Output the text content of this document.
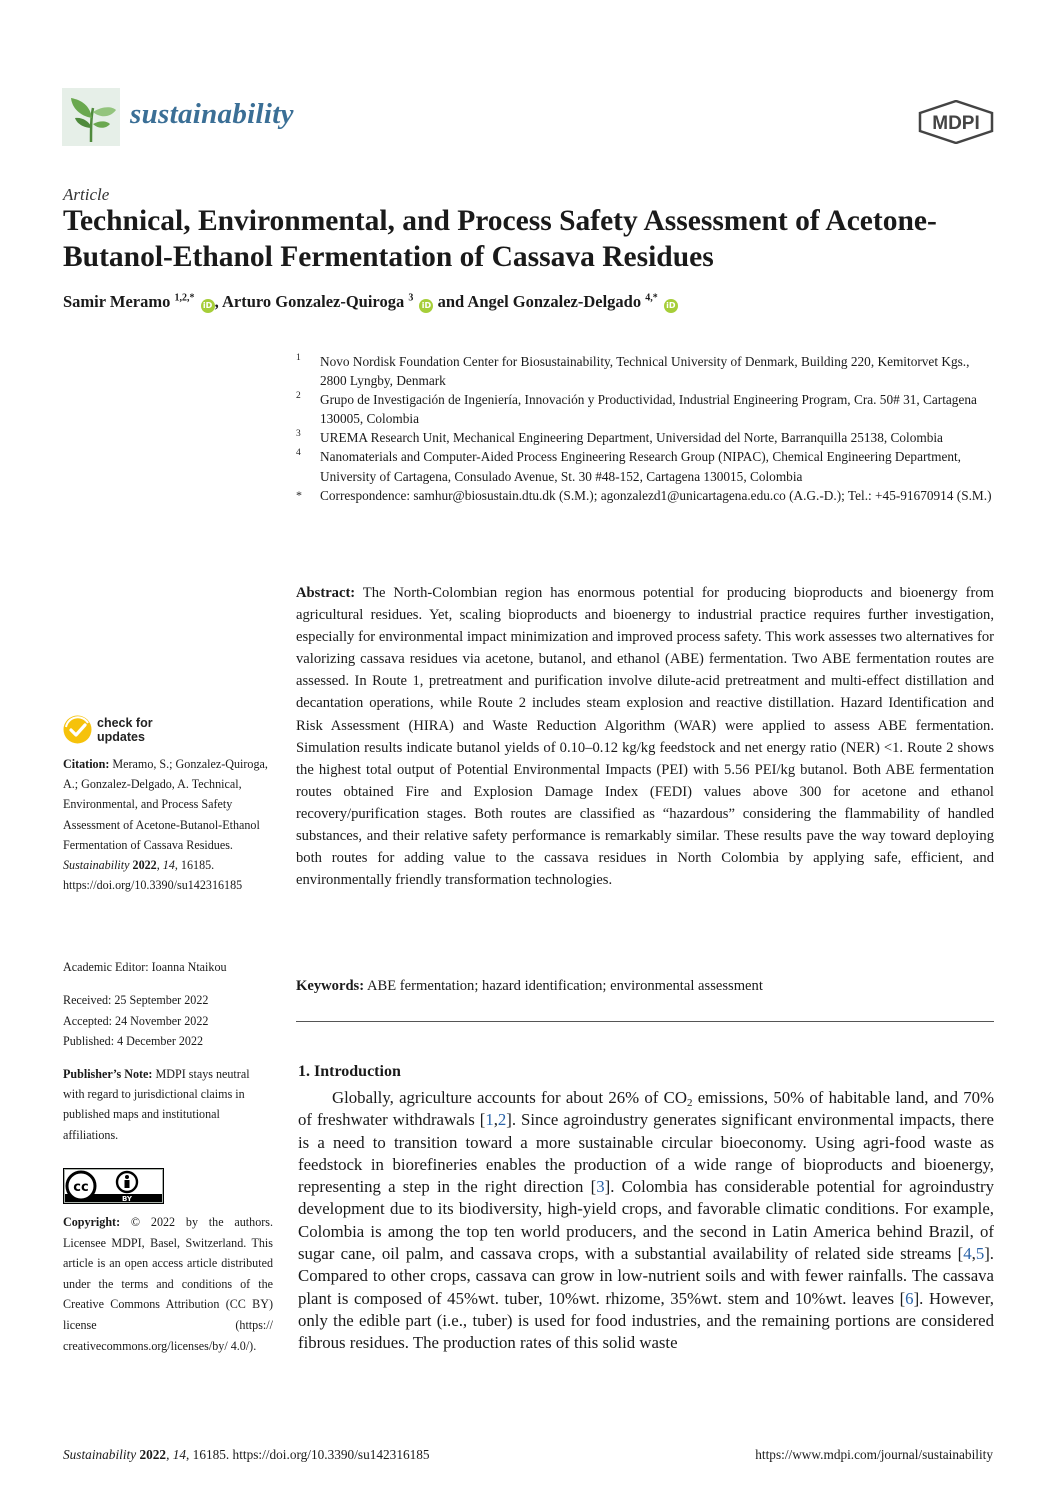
sustainability	MDPI
Article
Technical, Environmental, and Process Safety Assessment of Acetone-Butanol-Ethanol Fermentation of Cassava Residues
Samir Meramo $^{1,2,*}$ iD , Arturo Gonzalez-Quiroga $^3$ iD and Angel Gonzalez-Delgado $^{4,*}$ iD
1 Novo Nordisk Foundation Center for Biosustainability, Technical University of Denmark, Building 220, Kemitorvet Kgs., 2800 Lyngby, Denmark
2 Grupo de Investigación de Ingeniería, Innovación y Productividad, Industrial Engineering Program, Cra. 50# 31, Cartagena 130005, Colombia
3 UREMA Research Unit, Mechanical Engineering Department, Universidad del Norte, Barranquilla 25138, Colombia
4 Nanomaterials and Computer-Aided Process Engineering Research Group (NIPAC), Chemical Engineering Department, University of Cartagena, Consulado Avenue, St. 30 #48-152, Cartagena 130015, Colombia
* Correspondence: samhur@biosustain.dtu.dk (S.M.); agonzalezd1@unicartagena.edu.co (A.G.-D.); Tel.: +45-91670914 (S.M.)
Abstract: The North-Colombian region has enormous potential for producing bioproducts and bioenergy from agricultural residues. Yet, scaling bioproducts and bioenergy to industrial practice requires further investigation, especially for environmental impact minimization and improved process safety. This work assesses two alternatives for valorizing cassava residues via acetone, butanol, and ethanol (ABE) fermentation. Two ABE fermentation routes are assessed. In Route 1, pretreatment and purification involve dilute-acid pretreatment and multi-effect distillation and decantation operations, while Route 2 includes steam explosion and reactive distillation. Hazard Identification and Risk Assessment (HIRA) and Waste Reduction Algorithm (WAR) were applied to assess ABE fermentation. Simulation results indicate butanol yields of 0.10–0.12 kg/kg feedstock and net energy ratio (NER) <1. Route 2 shows the highest total output of Potential Environmental Impacts (PEI) with 5.56 PEI/kg butanol. Both ABE fermentation routes obtained Fire and Explosion Damage Index (FEDI) values above 300 for acetone and ethanol recovery/purification stages. Both routes are classified as “hazardous” considering the flammability of handled substances, and their relative safety performance is remarkably similar. These results pave the way toward deploying both routes for adding value to the cassava residues in North Colombia by applying safe, efficient, and environmentally friendly transformation technologies.
Keywords: ABE fermentation; hazard identification; environmental assessment
1. Introduction
Globally, agriculture accounts for about 26% of $CO_2$ emissions, 50% of habitable land, and 70% of freshwater withdrawals [1,2]. Since agroindustry generates significant environmental impacts, there is a need to transition toward a more sustainable circular bioeconomy. Using agri-food waste as feedstock in biorefineries enables the production of a wide range of bioproducts and bioenergy, representing a step in the right direction [3]. Colombia has considerable potential for agroindustry development due to its biodiversity, high-yield crops, and favorable climatic conditions. For example, Colombia is among the top ten world producers, and the second in Latin America behind Brazil, of sugar cane, oil palm, and cassava crops, with a substantial availability of related side streams [4,5]. Compared to other crops, cassava can grow in low-nutrient soils and with fewer rainfalls. The cassava plant is composed of 45%wt. tuber, 10%wt. rhizome, 35%wt. stem and 10%wt. leaves [6]. However, only the edible part (i.e., tuber) is used for food industries, and the remaining portions are considered fibrous residues. The production rates of this solid waste
check for
updates
Citation: Meramo, S.; Gonzalez-Quiroga, A.; Gonzalez-Delgado, A. Technical, Environmental, and Process Safety Assessment of Acetone-Butanol-Ethanol Fermentation of Cassava Residues. Sustainability 2022, 14, 16185. https://doi.org/10.3390/su142316185
Academic Editor: Ioanna Ntaikou
Received: 25 September 2022
Accepted: 24 November 2022
Published: 4 December 2022
Publisher’s Note: MDPI stays neutral with regard to jurisdictional claims in published maps and institutional affiliations.
cc
BY
Copyright: © 2022 by the authors. Licensee MDPI, Basel, Switzerland. This article is an open access article distributed under the terms and conditions of the Creative Commons Attribution (CC BY) license (https:// creativecommons.org/licenses/by/ 4.0/).
Sustainability 2022, 14, 16185. https://doi.org/10.3390/su142316185	https://www.mdpi.com/journal/sustainability
